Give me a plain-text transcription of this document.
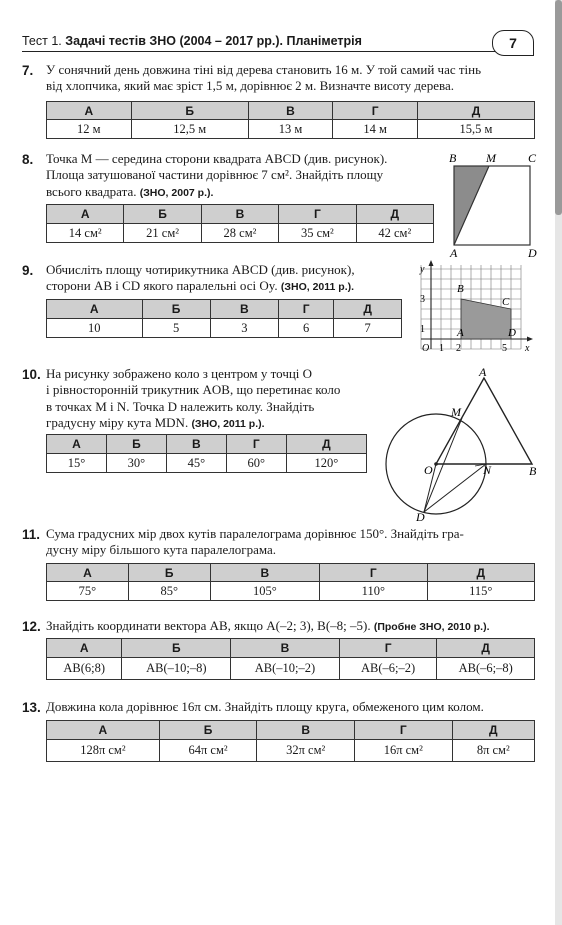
Тест 1. Задачі тестів ЗНО (2004 – 2017 рр.). Планіметрія	7
7. У сонячний день довжина тіні від дерева становить 16 м. У той самий час тінь
від хлопчика, який має зріст 1,5 м, дорівнює 2 м. Визначте висоту дерева.
А	Б	В	Г	Д
12 м	12,5 м	13 м	14 м	15,5 м
8. Точка M — середина сторони квадрата ABCD (див. рисунок).
Площа затушованої частини дорівнює 7 см². Знайдіть площу
всього квадрата. (ЗНО, 2007 р.).
А	Б	В	Г	Д
14 см²	21 см²	28 см²	35 см²	42 см²
B M	C
A	D
9. Обчисліть площу чотирикутника ABCD (див. рисунок),
сторони AB і CD якого паралельні осі Oy. (ЗНО, 2011 р.).
А	Б	В	Г	Д
10	5	3	6	7
y
3
1
O 1 2	5 x
B
C
A	D
10. На рисунку зображено коло з центром у точці O
і рівносторонній трикутник AOB, що перетинає коло
в точках M і N. Точка D належить колу. Знайдіть
градусну міру кута MDN. (ЗНО, 2011 р.).
А	Б	В	Г	Д
15°	30°	45°	60°	120°
A
M
O	N	B
D
11. Сума градусних мір двох кутів паралелограма дорівнює 150°. Знайдіть гра-
дусну міру більшого кута паралелограма.
А	Б	В	Г	Д
75°	85°	105°	110°	115°
12. Знайдіть координати вектора AB, якщо A(–2; 3), B(–8; –5). (Пробне ЗНО, 2010 р.).
А	Б	В	Г	Д
AB(6;8)	AB(–10;–8)	AB(–10;–2)	AB(–6;–2)	AB(–6;–8)
13. Довжина кола дорівнює 16π см. Знайдіть площу круга, обмеженого цим колом.
А	Б	В	Г	Д
128π см²	64π см²	32π см²	16π см²	8π см²
